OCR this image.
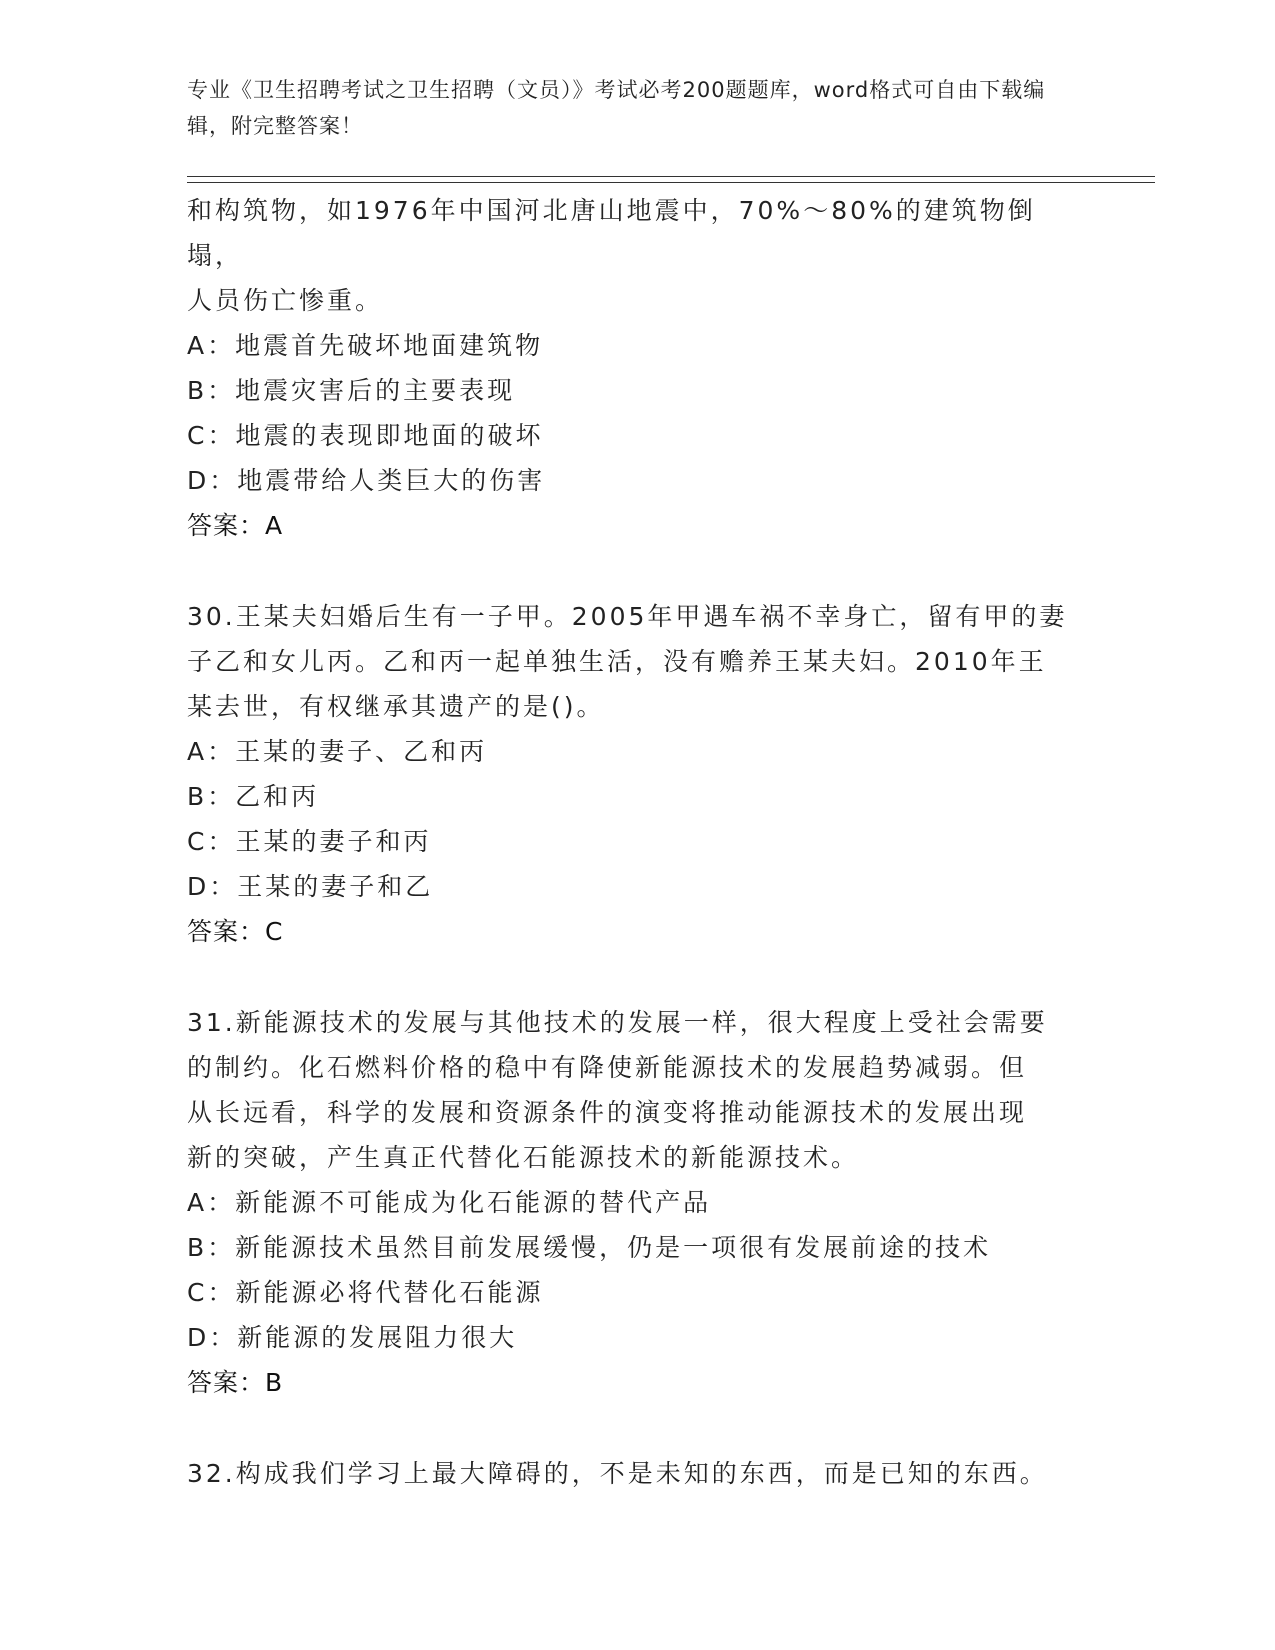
专业《卫生招聘考试之卫生招聘（文员）》考试必考200题题库，word格式可自由下载编辑，附完整答案！

和构筑物，如1976年中国河北唐山地震中，70%～80%的建筑物倒塌，

人员伤亡惨重。

A：地震首先破坏地面建筑物

B：地震灾害后的主要表现

C：地震的表现即地面的破坏

D：地震带给人类巨大的伤害

答案：A

30.王某夫妇婚后生有一子甲。2005年甲遇车祸不幸身亡，留有甲的妻

子乙和女儿丙。乙和丙一起单独生活，没有赡养王某夫妇。2010年王

某去世，有权继承其遗产的是()。

A：王某的妻子、乙和丙

B：乙和丙

C：王某的妻子和丙

D：王某的妻子和乙

答案：C

31.新能源技术的发展与其他技术的发展一样，很大程度上受社会需要

的制约。化石燃料价格的稳中有降使新能源技术的发展趋势减弱。但

从长远看，科学的发展和资源条件的演变将推动能源技术的发展出现

新的突破，产生真正代替化石能源技术的新能源技术。

A：新能源不可能成为化石能源的替代产品

B：新能源技术虽然目前发展缓慢，仍是一项很有发展前途的技术

C：新能源必将代替化石能源

D：新能源的发展阻力很大

答案：B

32.构成我们学习上最大障碍的，不是未知的东西，而是已知的东西。
